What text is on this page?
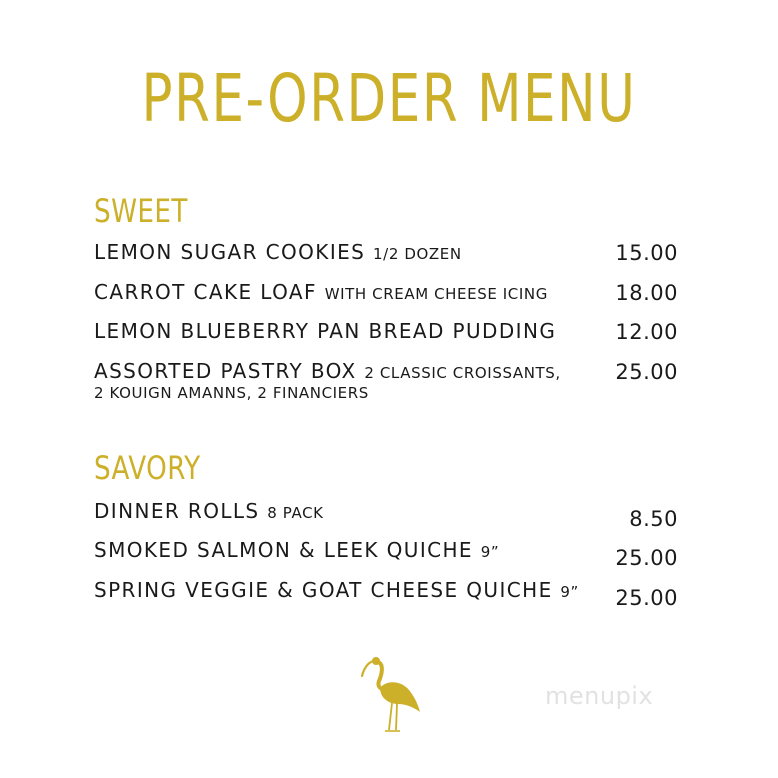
PRE-ORDER MENU
SWEET
LEMON SUGAR COOKIES 1/2 DOZEN	15.00
CARROT CAKE LOAF WITH CREAM CHEESE ICING	18.00
LEMON BLUEBERRY PAN BREAD PUDDING	12.00
ASSORTED PASTRY BOX 2 CLASSIC CROISSANTS,
2 KOUIGN AMANNS, 2 FINANCIERS
25.00
SAVORY
DINNER ROLLS 8 PACK	8.50
SMOKED SALMON & LEEK QUICHE 9”	25.00
SPRING VEGGIE & GOAT CHEESE QUICHE 9” 25.00
menupix
